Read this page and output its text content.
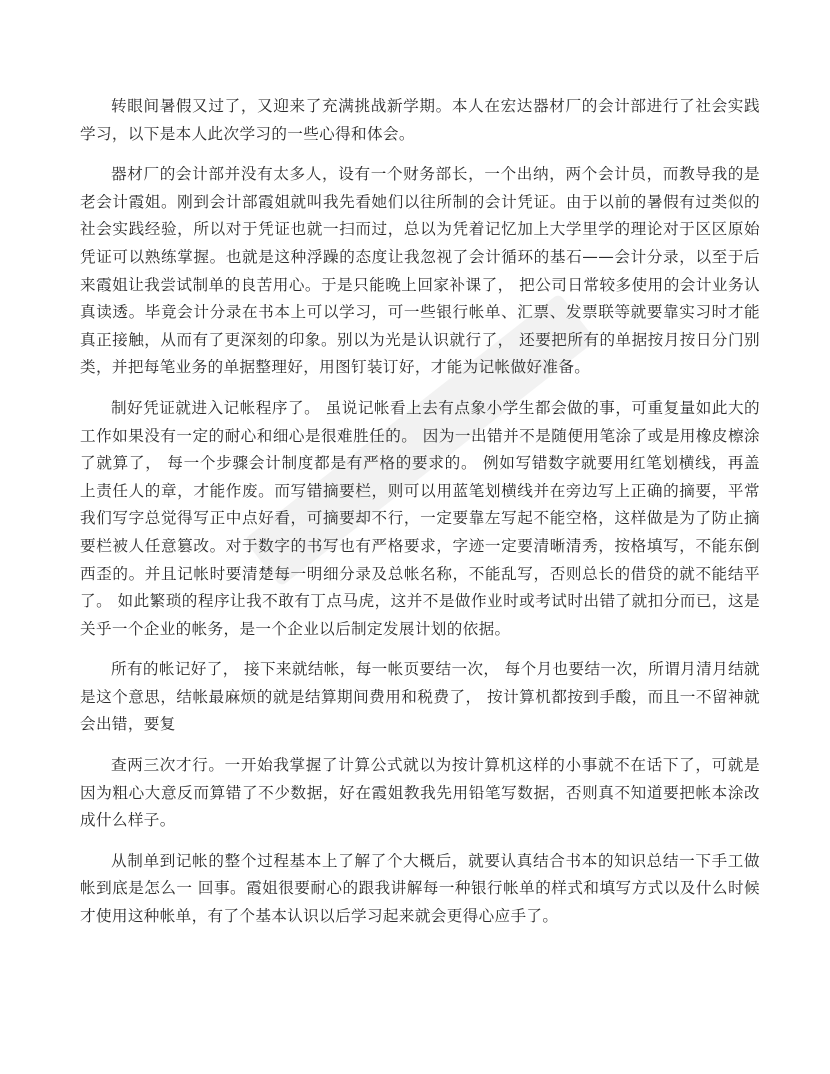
转眼间暑假又过了，又迎来了充满挑战新学期。本人在宏达器材厂的会计部进行了社会实践学习，以下是本人此次学习的一些心得和体会。

器材厂的会计部并没有太多人，设有一个财务部长，一个出纳，两个会计员，而教导我的是老会计霞姐。刚到会计部霞姐就叫我先看她们以往所制的会计凭证。由于以前的暑假有过类似的社会实践经验，所以对于凭证也就一扫而过，总以为凭着记忆加上大学里学的理论对于区区原始凭证可以熟练掌握。也就是这种浮躁的态度让我忽视了会计循环的基石——会计分录，以至于后来霞姐让我尝试制单的良苦用心。于是只能晚上回家补课了， 把公司日常较多使用的会计业务认真读透。毕竟会计分录在书本上可以学习，可一些银行帐单、汇票、发票联等就要靠实习时才能真正接触，从而有了更深刻的印象。别以为光是认识就行了， 还要把所有的单据按月按日分门别类，并把每笔业务的单据整理好，用图钉装订好，才能为记帐做好准备。

制好凭证就进入记帐程序了。 虽说记帐看上去有点象小学生都会做的事，可重复量如此大的工作如果没有一定的耐心和细心是很难胜任的。 因为一出错并不是随便用笔涂了或是用橡皮檫涂了就算了， 每一个步骤会计制度都是有严格的要求的。 例如写错数字就要用红笔划横线，再盖上责任人的章，才能作废。而写错摘要栏，则可以用蓝笔划横线并在旁边写上正确的摘要，平常我们写字总觉得写正中点好看，可摘要却不行，一定要靠左写起不能空格，这样做是为了防止摘要栏被人任意篡改。对于数字的书写也有严格要求，字迹一定要清晰清秀，按格填写，不能东倒西歪的。并且记帐时要清楚每一明细分录及总帐名称，不能乱写，否则总长的借贷的就不能结平了。 如此繁琐的程序让我不敢有丁点马虎，这并不是做作业时或考试时出错了就扣分而已，这是关乎一个企业的帐务，是一个企业以后制定发展计划的依据。

所有的帐记好了， 接下来就结帐，每一帐页要结一次， 每个月也要结一次，所谓月清月结就是这个意思，结帐最麻烦的就是结算期间费用和税费了， 按计算机都按到手酸，而且一不留神就会出错，要复

查两三次才行。一开始我掌握了计算公式就以为按计算机这样的小事就不在话下了，可就是因为粗心大意反而算错了不少数据，好在霞姐教我先用铅笔写数据，否则真不知道要把帐本涂改成什么样子。

从制单到记帐的整个过程基本上了解了个大概后，就要认真结合书本的知识总结一下手工做帐到底是怎么一 回事。霞姐很要耐心的跟我讲解每一种银行帐单的样式和填写方式以及什么时候才使用这种帐单，有了个基本认识以后学习起来就会更得心应手了。
